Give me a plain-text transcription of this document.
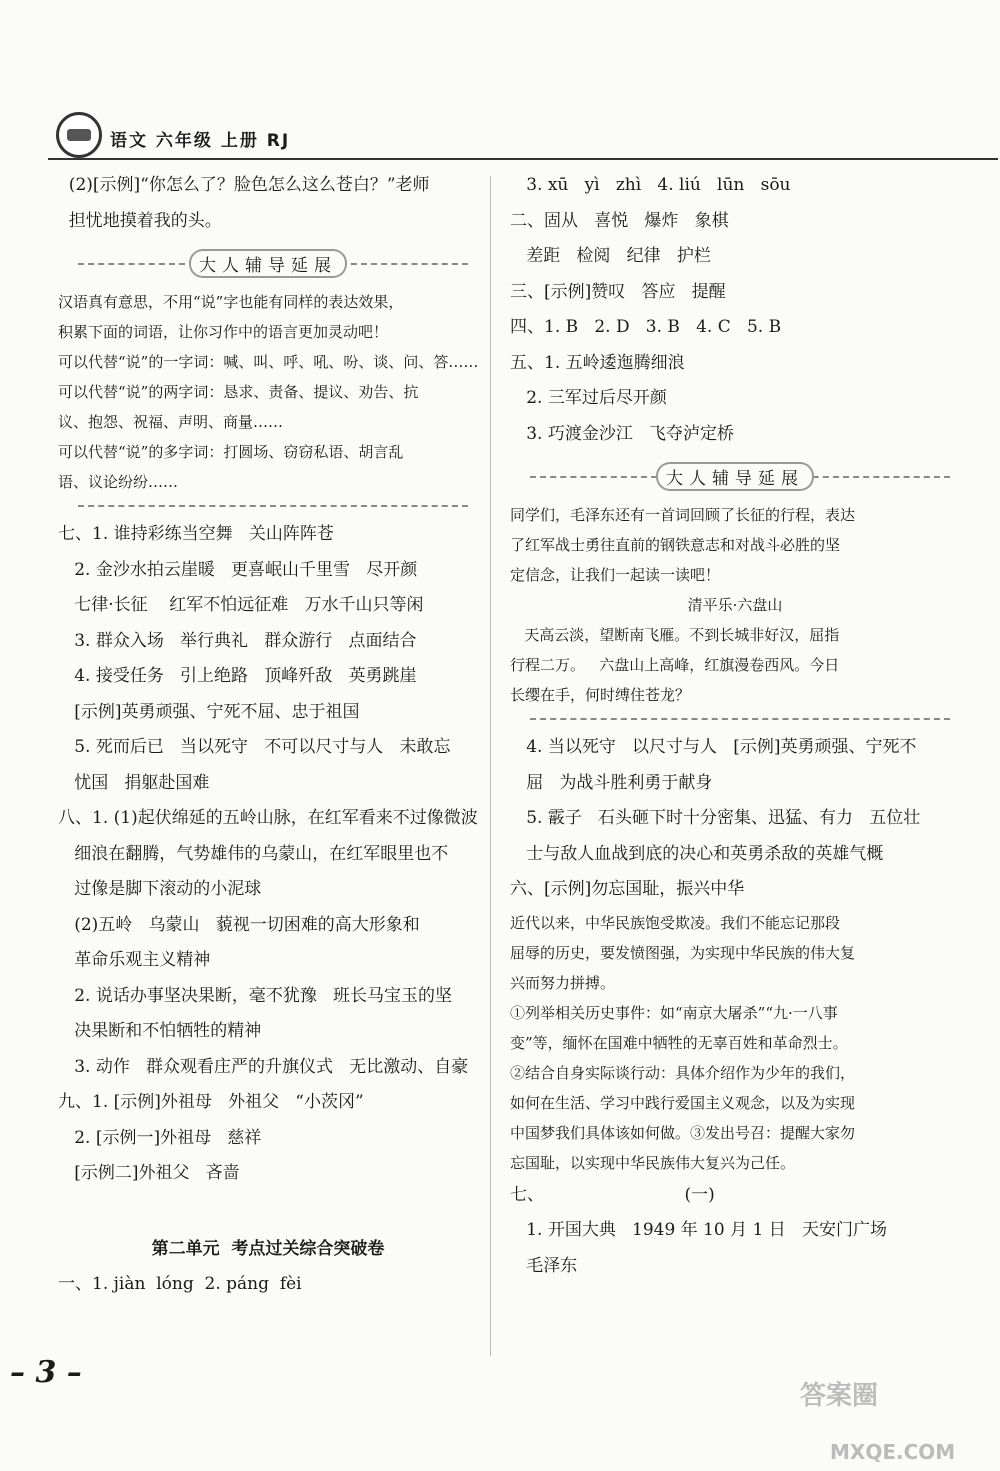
语文 六年级 上册 RJ

(2)[示例]“你怎么了？脸色怎么这么苍白？”老师

担忧地摸着我的头。

大人辅导延展

汉语真有意思，不用“说”字也能有同样的表达效果，

积累下面的词语，让你习作中的语言更加灵动吧！

可以代替“说”的一字词：喊、叫、呼、吼、吩、谈、问、答……

可以代替“说”的两字词：恳求、责备、提议、劝告、抗

议、抱怨、祝福、声明、商量……

可以代替“说”的多字词：打圆场、窃窃私语、胡言乱

语、议论纷纷……

七、1. 谁持彩练当空舞   关山阵阵苍

2. 金沙水拍云崖暖   更喜岷山千里雪   尽开颜

七律·长征    红军不怕远征难   万水千山只等闲

3. 群众入场   举行典礼   群众游行   点面结合

4. 接受任务   引上绝路   顶峰歼敌   英勇跳崖

[示例]英勇顽强、宁死不屈、忠于祖国

5. 死而后已   当以死守   不可以尺寸与人   未敢忘

忧国   捐躯赴国难

八、1. (1)起伏绵延的五岭山脉，在红军看来不过像微波

细浪在翻腾，气势雄伟的乌蒙山，在红军眼里也不

过像是脚下滚动的小泥球

(2)五岭   乌蒙山   藐视一切困难的高大形象和

革命乐观主义精神

2. 说话办事坚决果断，毫不犹豫   班长马宝玉的坚

决果断和不怕牺牲的精神

3. 动作   群众观看庄严的升旗仪式   无比激动、自豪

九、1. [示例]外祖母   外祖父   “小茨冈”

2. [示例一]外祖母   慈祥

[示例二]外祖父   吝啬

第二单元  考点过关综合突破卷

一、1. jiàn  lóng  2. páng  fèi

3. xū   yì   zhì   4. liú   lūn   sōu

二、固从   喜悦   爆炸   象棋

差距   检阅   纪律   护栏

三、[示例]赞叹   答应   提醒

四、1. B   2. D   3. B   4. C   5. B

五、1. 五岭逶迤腾细浪

2. 三军过后尽开颜

3. 巧渡金沙江   飞夺泸定桥

大人辅导延展

同学们，毛泽东还有一首词回顾了长征的行程，表达

了红军战士勇往直前的钢铁意志和对战斗必胜的坚

定信念，让我们一起读一读吧！

清平乐·六盘山

天高云淡，望断南飞雁。不到长城非好汉，屈指

行程二万。   六盘山上高峰，红旗漫卷西风。今日

长缨在手，何时缚住苍龙？

4. 当以死守   以尺寸与人   [示例]英勇顽强、宁死不

屈   为战斗胜利勇于献身

5. 霰子   石头砸下时十分密集、迅猛、有力   五位壮

士与敌人血战到底的决心和英勇杀敌的英雄气概

六、[示例]勿忘国耻，振兴中华

近代以来，中华民族饱受欺凌。我们不能忘记那段

屈辱的历史，要发愤图强，为实现中华民族的伟大复

兴而努力拼搏。

①列举相关历史事件：如“南京大屠杀”“九·一八事

变”等，缅怀在国难中牺牲的无辜百姓和革命烈士。

②结合自身实际谈行动：具体介绍作为少年的我们，

如何在生活、学习中践行爱国主义观念，以及为实现

中国梦我们具体该如何做。③发出号召：提醒大家勿

忘国耻，以实现中华民族伟大复兴为己任。

七、                          (一)

1. 开国大典   1949 年 10 月 1 日   天安门广场

毛泽东

– 3 –
答案圈
MXQE.COM
